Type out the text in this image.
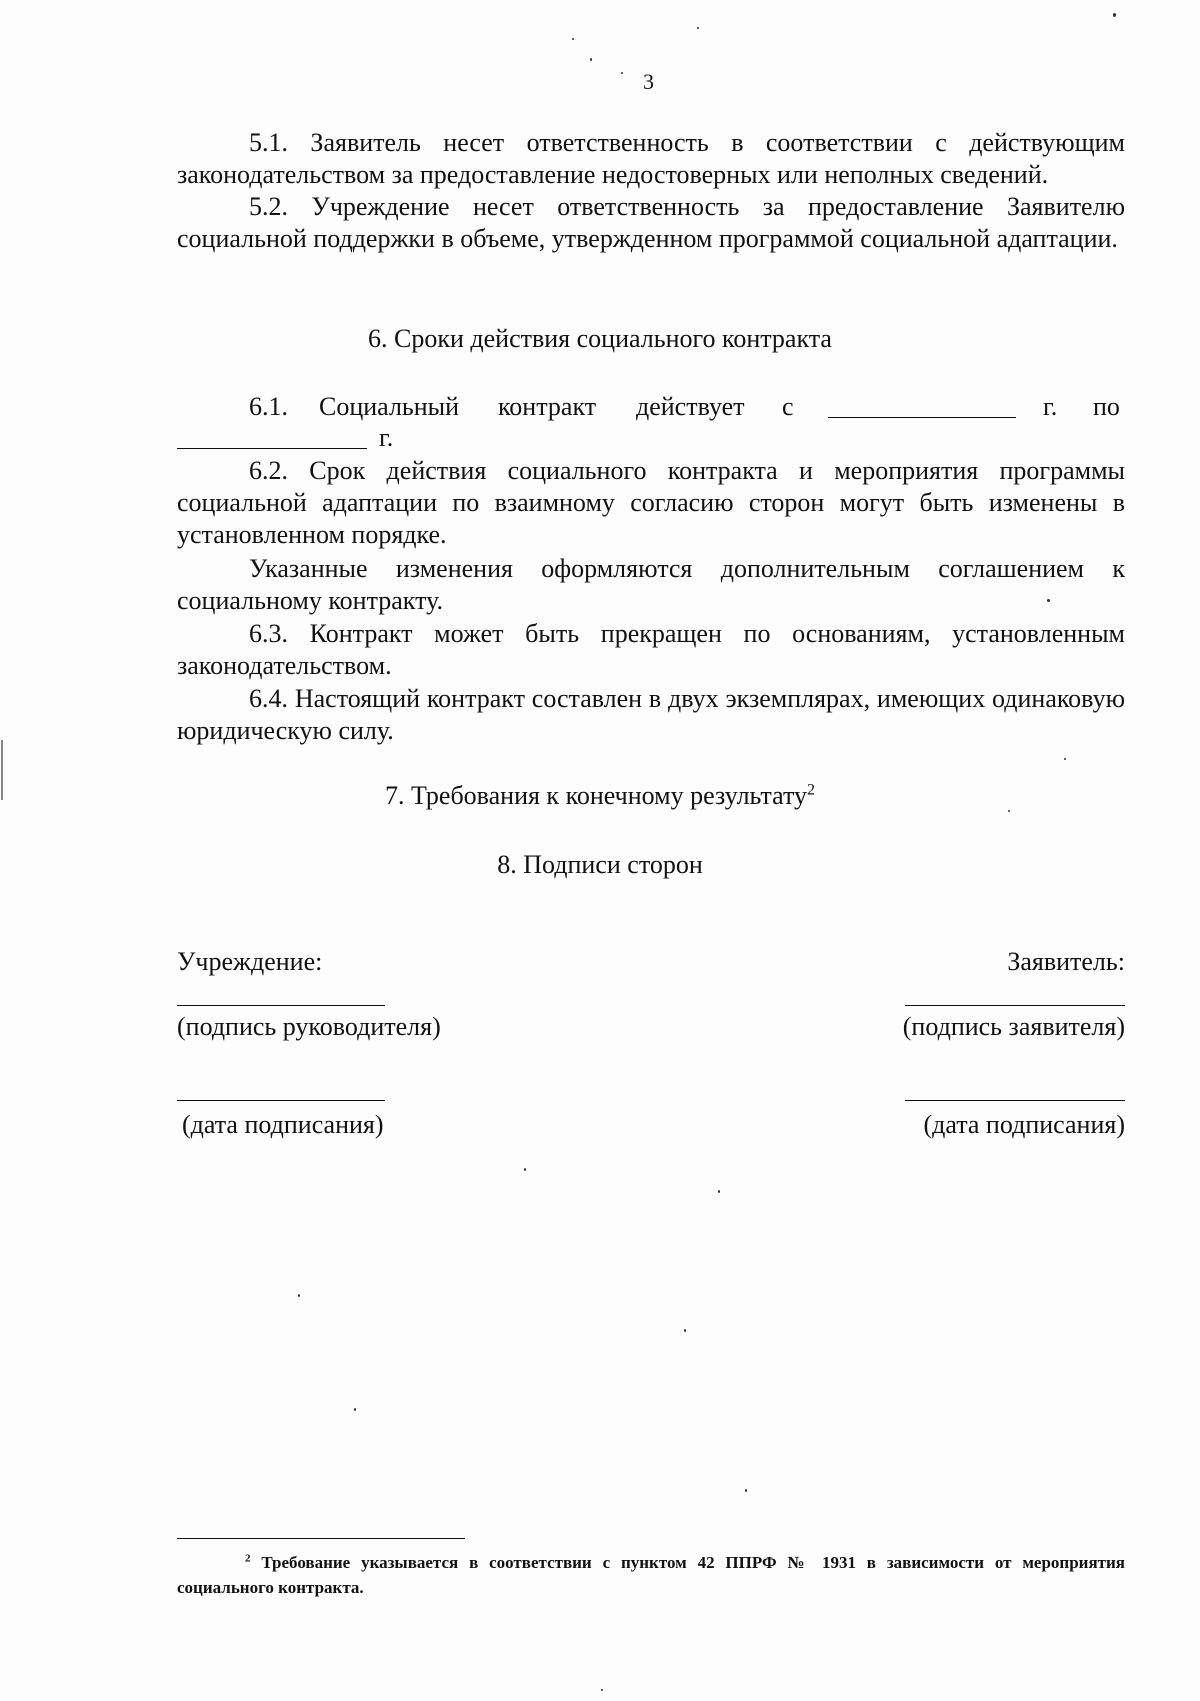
3
5.1. Заявитель несет ответственность в соответствии с действующим законодательством за предоставление недостоверных или неполных сведений.
5.2. Учреждение несет ответственность за предоставление Заявителю социальной поддержки в объеме, утвержденном программой социальной адаптации.
6. Сроки действия социального контракта
6.1. Социальный контракт действует с	г. по
г.
6.2. Срок действия социального контракта и мероприятия программы социальной адаптации по взаимному согласию сторон могут быть изменены в установленном порядке.
Указанные изменения оформляются дополнительным соглашением к социальному контракту.
6.3. Контракт может быть прекращен по основаниям, установленным законодательством.
6.4. Настоящий контракт составлен в двух экземплярах, имеющих одинаковую юридическую силу.
7. Требования к конечному результату$^2$
8. Подписи сторон
Учреждение:	Заявитель:
(подпись руководителя)	(подпись заявителя)
(дата подписания)	(дата подписания)
$^2$ Требование указывается в соответствии с пунктом 42 ППРФ № 1931 в зависимости от мероприятия социального контракта.
